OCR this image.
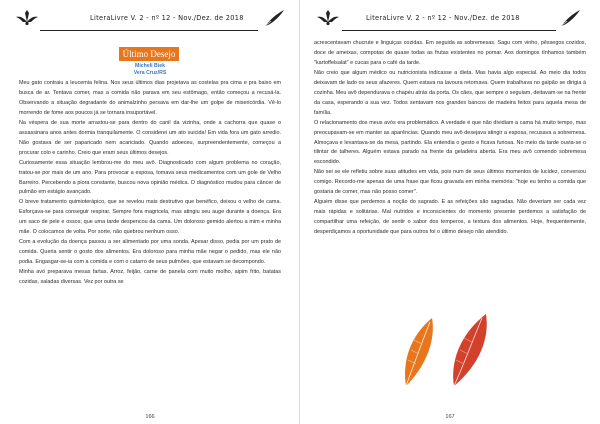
LiteraLivre V. 2 - nº 12 - Nov./Dez. de 2018
Último Desejo
Micheli Biek
Vera Cruz/RS

Meu gato contraiu a leucemia felina. Nos seus últimos dias projetava as costelas pra cima e pra baixo em busca de ar. Tentava comer, mas a comida não parava em seu estômago, então começou a recusá-la. Observando a situação degradante do animalzinho persava em dar-lhe um golpe de misericórdia. Vê-lo morrendo de fome aos poucos já se tornara insuportável.

Na véspera de sua morte arrastou-se para dentro do canil da vizinha, onde a cachorra que quase o assassinara anos antes dormia tranquilamente. O considerei um ato suicida! Em vida fora um gato arredio. Não gostava de ser paparicado nem acariciado. Quando adoeceu, surpreendentemente, começou a procurar colo e carinho. Creio que eram seus últimos desejos.

Curiosamente essa situação lembrou-me do meu avô. Diagnosticado com algum problema no coração, tratou-se por mais de um ano. Para provocar a esposa, tomava seus medicamentos com um gole de Velho Barreiro. Percebendo a piora constante, buscou nova opinião médica. O diagnóstico mudou para câncer de pulmão em estágio avançado.

O breve tratamento quimioterápico, que se revelou mais destrutivo que benéfico, deixou o velho de cama. Esforçava-se para conseguir respirar. Sempre fora magricela, mas atingiu seu auge durante a doença. Era um saco de pele e ossos; que uma tarde despencou da cama. Um doloroso gemido alertou a mim e minha mãe. O colocamos de volta. Por sorte, não quebrou nenhum osso.

Com a evolução da doença passou a ser alimentado por uma sonda. Apesar disso, pedia por um prato de comida. Queria sentir o gosto dos alimentos. Era doloroso para minha mãe negar o pedido, mas ele não podia. Engasgar-se-ia com a comida e com o catarro de seus pulmões, que estavam se decompondo.

Minha avó preparava mesas fartas. Arroz, feijão, carne de panela com muito molho, aipim frito, batatas cozidas, saladas diversas. Vez por outra se

166
LiteraLivre V. 2 - nº 12 - Nov./Dez. de 2018

acrescentavam chucrute e linguiças cozidas. Em seguida as sobremesas. Sagu com vinho, pêssegos cozidos, doce de ameixas, compotas de quase todas as frutas existentes no pomar. Aos domingos tínhamos também "kartoffelsalat" e cucas para o café da tarde.

Não creio que algum médico ou nutricionista indicasse a dieta. Mas havia algo especial. Ao meio dia todos deixavam de lado os seus afazeres. Quem estava na lavoura retornava. Quem trabalhava no galpão se dirigia à cozinha. Meu avô dependurava o chapéu atrás da porta. Os cães, que sempre o seguiam, deitavam-se na frente da casa, esperando a sua vez. Todos sentavam nos grandes bancos de madeira feitos para aquela mesa de família.

O relacionamento dos meus avós era problemático. A verdade é que não dividiam a cama há muito tempo, mas preocupavam-se em manter as aparências. Quando meu avô desejava atingir a esposa, recusava a sobremesa. Almoçava e levantava-se da mesa, partindo. Ela entendia o gesto e ficava furiosa. No meio da tarde ouvia-se o tilintar de talheres. Alguém estava parado na frente da geladeira aberta. Era meu avô comendo sobremesa escondido.

Não sei se ele refletiu sobre suas atitudes em vida, pois num de seus últimos momentos de lucidez, conversou comigo. Recordo-me apenas de uma frase que ficou gravada em minha memória: "hoje eu tenho a comida que gostaria de comer, mas não posso comer".

Alguém disse que perdemos a noção do sagrado. E as refeições são sagradas. Não deveriam ser cada vez mais rápidas e solitárias. Mal nutridos e inconscientes do momento presente perdemos a satisfação de compartilhar uma refeição, de sentir o sabor dos temperos, a textura dos alimentos. Hoje, frequentemente, desperdiçamos a oportunidade que para outros foi o último desejo não atendido.

167
